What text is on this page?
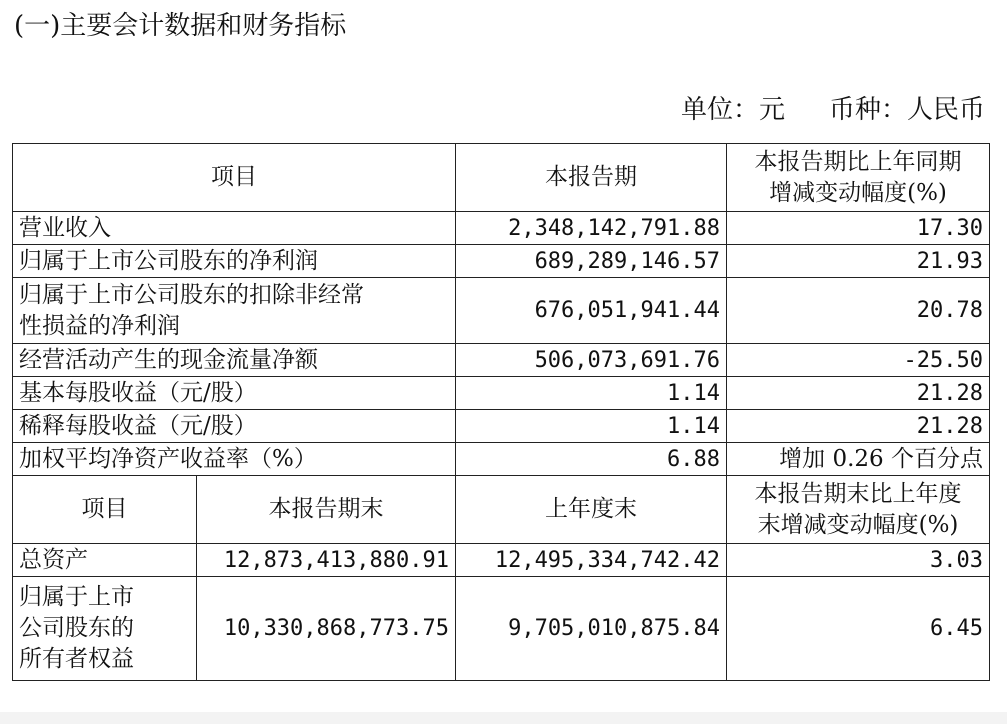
(一)主要会计数据和财务指标
单位：元 币种：人民币
项目		本报告期	本报告期比上年同期
增减变动幅度(%)
营业收入		2,348,142,791.88	17.30
归属于上市公司股东的净利润		689,289,146.57	21.93
归属于上市公司股东的扣除非经常
性损益的净利润		676,051,941.44	20.78
经营活动产生的现金流量净额		506,073,691.76	-25.50
基本每股收益（元/股）		1.14	21.28
稀释每股收益（元/股）		1.14	21.28
加权平均净资产收益率（%）		6.88	增加 0.26 个百分点
项目	本报告期末	上年度末	本报告期末比上年度
末增减变动幅度(%)
总资产	12,873,413,880.91	12,495,334,742.42	3.03
归属于上市
公司股东的
所有者权益	10,330,868,773.75	9,705,010,875.84	6.45
